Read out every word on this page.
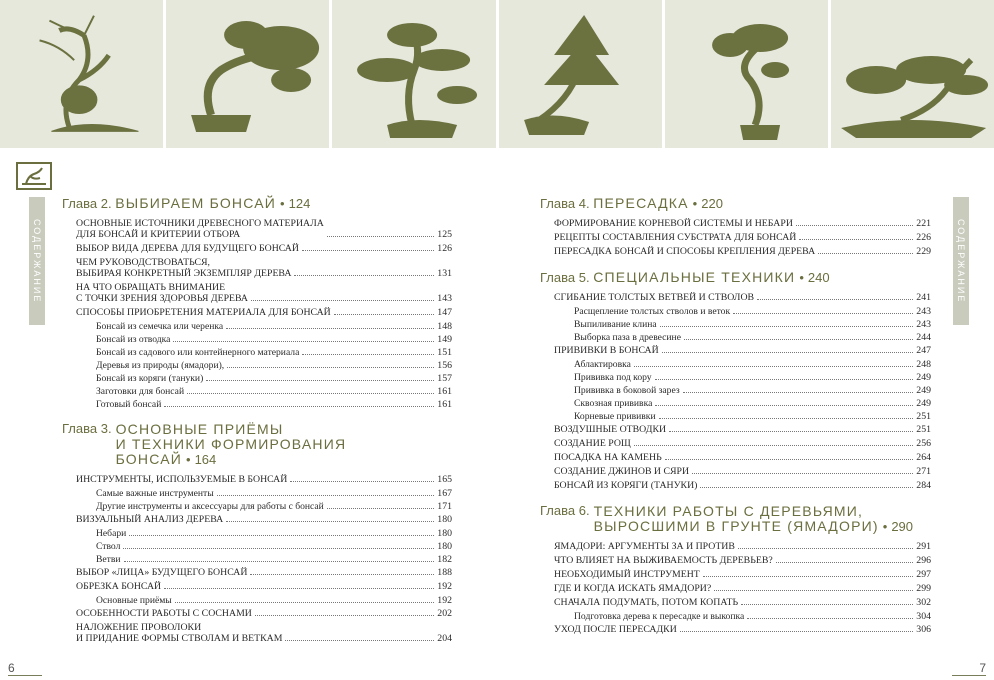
СОДЕРЖАНИЕ	СОДЕРЖАНИЕ
Глава 2. ВЫБИРАЕМ БОНСАЙ • 124
ОСНОВНЫЕ ИСТОЧНИКИ ДРЕВЕСНОГО МАТЕРИАЛА
ДЛЯ БОНСАЙ И КРИТЕРИИ ОТБОРА	125
ВЫБОР ВИДА ДЕРЕВА ДЛЯ БУДУЩЕГО БОНСАЙ	126
ЧЕМ РУКОВОДСТВОВАТЬСЯ,
ВЫБИРАЯ КОНКРЕТНЫЙ ЭКЗЕМПЛЯР ДЕРЕВА	131
НА ЧТО ОБРАЩАТЬ ВНИМАНИЕ
С ТОЧКИ ЗРЕНИЯ ЗДОРОВЬЯ ДЕРЕВА	143
СПОСОБЫ ПРИОБРЕТЕНИЯ МАТЕРИАЛА ДЛЯ БОНСАЙ	147
Бонсай из семечка или черенка	148
Бонсай из отводка	149
Бонсай из садового или контейнерного материала	151
Деревья из природы (ямадори),	156
Бонсай из коряги (тануки)	157
Заготовки для бонсай	161
Готовый бонсай	161
Глава 3. ОСНОВНЫЕ ПРИЁМЫ
И ТЕХНИКИ ФОРМИРОВАНИЯ БОНСАЙ • 164
ИНСТРУМЕНТЫ, ИСПОЛЬЗУЕМЫЕ В БОНСАЙ	165
Самые важные инструменты	167
Другие инструменты и аксессуары для работы с бонсай	171
ВИЗУАЛЬНЫЙ АНАЛИЗ ДЕРЕВА	180
Небари	180
Ствол	180
Ветви	182
ВЫБОР «ЛИЦА» БУДУЩЕГО БОНСАЙ	188
ОБРЕЗКА БОНСАЙ	192
Основные приёмы	192
ОСОБЕННОСТИ РАБОТЫ С СОСНАМИ	202
НАЛОЖЕНИЕ ПРОВОЛОКИ
И ПРИДАНИЕ ФОРМЫ СТВОЛАМ И ВЕТКАМ	204
Глава 4. ПЕРЕСАДКА • 220
ФОРМИРОВАНИЕ КОРНЕВОЙ СИСТЕМЫ И НЕБАРИ	221
РЕЦЕПТЫ СОСТАВЛЕНИЯ СУБСТРАТА ДЛЯ БОНСАЙ	226
ПЕРЕСАДКА БОНСАЙ И СПОСОБЫ КРЕПЛЕНИЯ ДЕРЕВА	229
Глава 5. СПЕЦИАЛЬНЫЕ ТЕХНИКИ • 240
СГИБАНИЕ ТОЛСТЫХ ВЕТВЕЙ И СТВОЛОВ	241
Расщепление толстых стволов и веток	243
Выпиливание клина	243
Выборка паза в древесине	244
ПРИВИВКИ В БОНСАЙ	247
Аблактировка	248
Прививка под кору	249
Прививка в боковой зарез	249
Сквозная прививка	249
Корневые прививки	251
ВОЗДУШНЫЕ ОТВОДКИ	251
СОЗДАНИЕ РОЩ	256
ПОСАДКА НА КАМЕНЬ	264
СОЗДАНИЕ ДЖИНОВ И СЯРИ	271
БОНСАЙ ИЗ КОРЯГИ (ТАНУКИ)	284
Глава 6. ТЕХНИКИ РАБОТЫ С ДЕРЕВЬЯМИ,
ВЫРОСШИМИ В ГРУНТЕ (ЯМАДОРИ) • 290
ЯМАДОРИ: АРГУМЕНТЫ ЗА И ПРОТИВ	291
ЧТО ВЛИЯЕТ НА ВЫЖИВАЕМОСТЬ ДЕРЕВЬЕВ?	296
НЕОБХОДИМЫЙ ИНСТРУМЕНТ	297
ГДЕ И КОГДА ИСКАТЬ ЯМАДОРИ?	299
СНАЧАЛА ПОДУМАТЬ, ПОТОМ КОПАТЬ	302
Подготовка дерева к пересадке и выкопка	304
УХОД ПОСЛЕ ПЕРЕСАДКИ	306
6	7
